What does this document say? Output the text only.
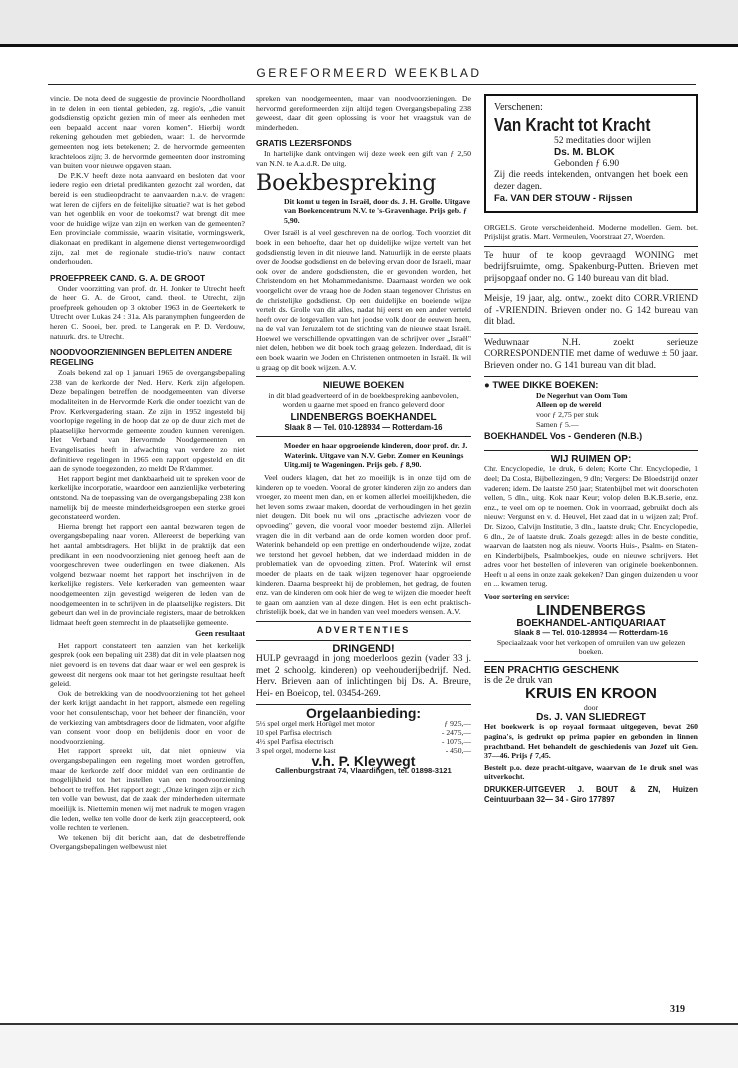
GEREFORMEERD WEEKBLAD

vincie. De nota deed de suggestie de provincie Noordholland in te delen in een tiental gebieden, zg. regio's, „die vanuit godsdienstig opzicht gezien min of meer als eenheden met een bepaald accent naar voren komen". Hierbij wordt rekening gehouden met gebieden, waar: 1. de hervormde gemeenten nog iets betekenen; 2. de hervormde gemeenten krachteloos zijn; 3. de hervormde gemeenten door instroming van buiten voor nieuwe opgaven staan.

De P.K.V heeft deze nota aanvaard en besloten dat voor iedere regio een drietal predikanten gezocht zal worden, dat bereid is een studieopdracht te aanvaarden n.a.v. de vragen: wat leren de cijfers en de feitelijke situatie? wat is het gebod van het ogenblik en voor de toekomst? wat brengt dit mee voor de huidige wijze van zijn en werken van de gemeenten? Een provinciale commissie, waarin visitatie, vormingswerk, diakonaat en predikant in algemene dienst vertegenwoordigd zijn, zal met de regionale studie-trio's nauw contact onderhouden.

PROEFPREEK CAND. G. A. DE GROOT

Onder voorzitting van prof. dr. H. Jonker te Utrecht heeft de heer G. A. de Groot, cand. theol. te Utrecht, zijn proefpreek gehouden op 3 oktober 1963 in de Geertekerk te Utrecht over Lukas 24 : 31a. Als paranymphen fungeerden de heren C. Sooei, ber. pred. te Langerak en P. D. Verdouw, natuurk. drs. te Utrecht.

NOODVOORZIENINGEN BEPLEITEN ANDERE REGELING

Zoals bekend zal op 1 januari 1965 de overgangsbepaling 238 van de kerkorde der Ned. Herv. Kerk zijn afgelopen. Deze bepalingen betreffen de noodgemeenten van diverse modaliteiten in de Hervormde Kerk die onder toezicht van de Prov. Kerkvergadering staan. Ze zijn in 1952 ingesteld bij voorlopige regeling in de hoop dat ze op de duur zich met de plaatselijke hervormde gemeente zouden kunnen verenigen. Het Verband van Hervormde Noodgemeenten en Evangelisaties heeft in afwachting van verdere zo niet definitieve regelingen in 1965 een rapport opgesteld en dit aan de synode toegezonden, zo meldt De R'dammer.

Het rapport begint met dankbaarheid uit te spreken voor de kerkelijke incorporatie, waardoor een aanzienlijke verbetering ontstond. Na de toepassing van de overgangsbepaling 238 kon namelijk bij de meeste minderheidsgroepen een sterke groei geconstateerd worden.

Hierna brengt het rapport een aantal bezwaren tegen de overgangsbepaling naar voren. Allereerst de beperking van het aantal ambtsdragers. Het blijkt in de praktijk dat een predikant in een noodvoorziening niet genoeg heeft aan de voorgeschreven twee ouderlingen en twee diakenen. Als volgend bezwaar noemt het rapport het inschrijven in de kerkelijke registers. Vele kerkeraden van gemeenten waar noodgemeenten zijn gevestigd weigeren de leden van de noodgemeenten in te schrijven in de plaatselijke registers. Dit gebeurt dan wel in de provinciale registers, maar de betrokken lidmaat heeft geen stemrecht in de plaatselijke gemeente.

Geen resultaat

Het rapport constateert ten aanzien van het kerkelijk gesprek (ook een bepaling uit 238) dat dit in vele plaatsen nog niet gevoerd is en tevens dat daar waar er wel een gesprek is geweest dit nergens ook maar tot het geringste resultaat heeft geleid.

Ook de betrekking van de noodvoorziening tot het geheel der kerk krijgt aandacht in het rapport, alsmede een regeling voor het consulentschap, voor het beheer der financiën, voor de verkiezing van ambtsdragers door de lidmaten, voor afgifte van consent voor doop en belijdenis door en voor de noodvoorziening.

Het rapport spreekt uit, dat niet opnieuw via overgangsbepalingen een regeling moet worden getroffen, maar de kerkorde zelf door middel van een ordinantie de mogelijkheid tot het instellen van een noodvoorziening behoort te treffen. Het rapport zegt: „Onze kringen zijn er zich ten volle van bewust, dat de zaak der minderheden uitermate moeilijk is. Niettemin menen wij met nadruk te mogen vragen die leden, welke ten volle door de kerk zijn geaccepteerd, ook volle rechten te verlenen.

We tekenen bij dit bericht aan, dat de desbetreffende Overgangsbepalingen welbewust niet

spreken van noodgemeenten, maar van noodvoorzieningen. De hervormd gereformeerden zijn altijd tegen Overgangsbepaling 238 geweest, daar dit geen oplossing is voor het vraagstuk van de minderheden.

GRATIS LEZERSFONDS

In hartelijke dank ontvingen wij deze week een gift van ƒ 2,50 van N.N. te A.a.d.R. De uitg.

Boekbespreking
Dit komt u tegen in Israël, door ds. J. H. Grolle. Uitgave van Boekencentrum N.V. te 's-Gravenhage. Prijs geb. ƒ 5,90.

Over Israël is al veel geschreven na de oorlog. Toch voorziet dit boek in een behoefte, daar het op duidelijke wijze vertelt van het godsdienstig leven in dit nieuwe land. Natuurlijk in de eerste plaats over de Joodse godsdienst en de beleving ervan door de Israeli, maar ook over de andere godsdiensten, die er gevonden worden, het Christendom en het Mohammedanisme. Daarnaast worden we ook voorgelicht over de vraag hoe de Joden staan tegenover Christus en de christelijke godsdienst. Op een duidelijke en boeiende wijze vertelt ds. Grolle van dit alles, nadat hij eerst en een ander verteld heeft over de lotgevallen van het joodse volk door de eeuwen heen, na de val van Jeruzalem tot de stichting van de nieuwe staat Israël. Hoewel we verschillende opvattingen van de schrijver over „Israël" niet delen, hebben we dit boek toch graag gelezen. Inderdaad, dit is een boek waarin we Joden en Christenen ontmoeten in Israël. Ik wil u graag op dit boek wijzen. A.V.

NIEUWE BOEKEN

in dit blad geadverteerd of in de boekbespreking aanbevolen, worden u gaarne met spoed en franco geleverd door

LINDENBERGS BOEKHANDEL
Slaak 8 — Tel. 010-128934 — Rotterdam-16
Moeder en haar opgroeiende kinderen, door prof. dr. J. Waterink. Uitgave van N.V. Gebr. Zomer en Keunings Uitg.mij te Wageningen. Prijs geb. ƒ 8,90.

Veel ouders klagen, dat het zo moeilijk is in onze tijd om de kinderen op te voeden. Vooral de groter kinderen zijn zo anders dan vroeger, zo meent men dan, en er komen allerlei moeilijkheden, die het leven soms zwaar maken, doordat de verhoudingen in het gezin niet deugen. Dit boek nu wil ons „practische adviezen voor de opvoeding" geven, die vooral voor moeder bestemd zijn. Allerlei vragen die in dit verband aan de orde komen worden door prof. Waterink behandeld op een prettige en onderhoudende wijze, zodat we terstond het gevoel hebben, dat we inderdaad midden in de problematiek van de opvoeding zitten. Prof. Waterink wil ernst moeder de plaats en de taak wijzen tegenover haar opgroeiende kinderen. Daarna bespreekt hij de problemen, het gedrag, de fouten enz. van de kinderen om ook hier de weg te wijzen die moeder heeft te gaan om aanzien van al deze dingen. Het is een echt praktisch-christelijk boek, dat we in handen van veel moeders wensen. A.V.

ADVERTENTIES
DRINGEND!

HULP gevraagd in jong moederloos gezin (vader 33 j. met 2 schoolg. kinderen) op veehouderijbedrijf. Ned. Herv. Brieven aan of inlichtingen bij Ds. A. Breure, Hei- en Boeicop, tel. 03454-269.

Orgelaanbieding:
5½ spel orgel merk Horügel met motor	ƒ 925,—
10 spel Parfisa electrisch	- 2475,—
4½ spel Parfisa electrisch	- 1075,—
3 spel orgel, moderne kast	- 450,—
v.h. P. Kleywegt
Callenburgstraat 74, Vlaardingen, tel. 01898-3121
Verschenen:
Van Kracht tot Kracht
52 meditaties door wijlen
Ds. M. BLOK
Gebonden ƒ 6.90
Zij die reeds intekenden, ontvangen het boek een dezer dagen.
Fa. VAN DER STOUW - Rijssen
ORGELS. Grote verscheidenheid. Moderne modellen. Gem. bet. Prijslijst gratis. Mart. Vermeulen, Voorstraat 27, Woerden.
Te huur of te koop gevraagd WONING met bedrijfsruimte, omg. Spakenburg-Putten. Brieven met prijsopgaaf onder no. G 140 bureau van dit blad.
Meisje, 19 jaar, alg. ontw., zoekt dito CORR.VRIEND of -VRIENDIN. Brieven onder no. G 142 bureau van dit blad.
Weduwnaar N.H. zoekt serieuze CORRESPONDENTIE met dame of weduwe ± 50 jaar. Brieven onder no. G 141 bureau van dit blad.
● TWEE DIKKE BOEKEN:
De Negerhut van Oom Tom
Alleen op de wereld
voor ƒ 2,75 per stuk
Samen ƒ 5.—
BOEKHANDEL Vos - Genderen (N.B.)
WIJ RUIMEN OP:

Chr. Encyclopedie, 1e druk, 6 delen; Korte Chr. Encyclopedie, 1 deel; Da Costa, Bijbellezingen, 9 dln; Vergers: De Bloedstrijd onzer vaderen; idem. De laatste 250 jaar; Statenbijbel met wit doorschoten vellen, 5 dln., uitg. Kok naar Keur; volop delen B.K.B.serie, enz. enz., te veel om op te noemen. Ook in voorraad, gebruikt doch als nieuw: Vergunst en v. d. Heuvel, Het zaad dat in u wijzen zal; Prof. Dr. Sizoo, Calvijn Institutie, 3 dln., laatste druk; Chr. Encyclopedie, 6 dln., 2e of laatste druk. Zoals gezegd: alles in de beste conditie, waarvan de laatsten nog als nieuw. Voorts Huis-, Psalm- en Staten- en Kinderbijbels, Psalmboekjes, oude en nieuwe schrijvers. Het adres voor het bestellen of inleveren van originele boekenbonnen. Heeft u al eens in onze zaak gekeken? Dan gingen duizenden u voor en ... kwamen terug.

Voor sortering en service:
LINDENBERGS
BOEKHANDEL-ANTIQUARIAAT
Slaak 8 — Tel. 010-128934 — Rotterdam-16

Speciaalzaak voor het verkopen of omruilen van uw gelezen boeken.

EEN PRACHTIG GESCHENK
is de 2e druk van
KRUIS EN KROON
door
Ds. J. VAN SLIEDREGT

Het boekwerk is op royaal formaat uitgegeven, bevat 260 pagina's, is gedrukt op prima papier en gebonden in linnen prachtband. Het behandelt de geschiedenis van Jozef uit Gen. 37—46. Prijs ƒ 7,45.

Bestelt p.o. deze pracht-uitgave, waarvan de 1e druk snel was uitverkocht.

DRUKKER-UITGEVER J. BOUT & ZN, Huizen Ceintuurbaan 32— 34 - Giro 177897

319
